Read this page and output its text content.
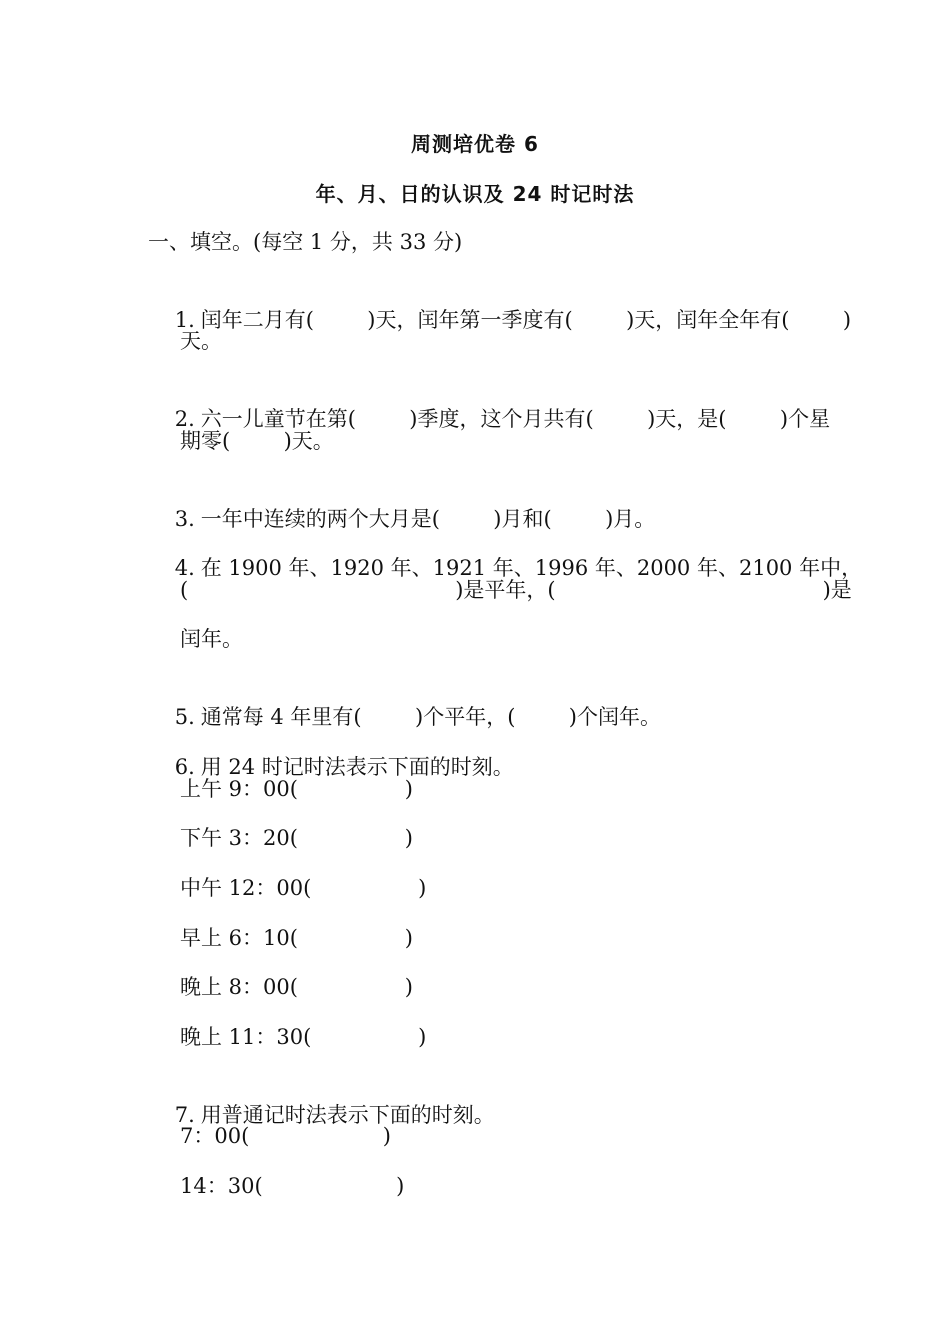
周测培优卷 6
年、月、日的认识及 24 时记时法
一、填空。(每空 1 分，共 33 分)

1. 闰年二月有(        )天，闰年第一季度有(        )天，闰年全年有(        )

天。

2. 六一儿童节在第(        )季度，这个月共有(        )天，是(        )个星

期零(        )天。

3. 一年中连续的两个大月是(        )月和(        )月。

4. 在 1900 年、1920 年、1921 年、1996 年、2000 年、2100 年中，

(                                        )是平年，(                                        )是
闰年。

5. 通常每 4 年里有(        )个平年，(        )个闰年。

6. 用 24 时记时法表示下面的时刻。

上午 9：00(                )
下午 3：20(                )
中午 12：00(                )
早上 6：10(                )
晚上 8：00(                )
晚上 11：30(                )

7. 用普通记时法表示下面的时刻。

7：00(                    )
14：30(                    )
